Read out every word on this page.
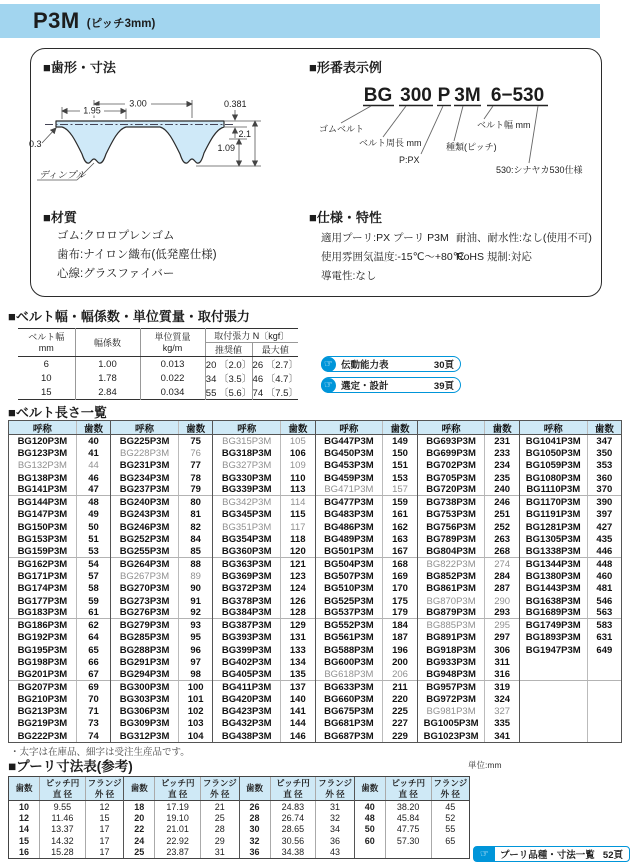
P3M (ピッチ3mm)
■歯形・寸法
3.00
1.95
0.381
2.1
1.09
0.3
ディンプル
■形番表示例
BG 300 P 3M 6−530
ゴムベルト
ベルト周長 mm
P:PX
種類(ピッチ)
ベルト幅 mm
530:シナヤカ530仕様
■材質
ゴム:クロロプレンゴム
歯布:ナイロン織布(低発塵仕様)
心線:グラスファイバー
■仕様・特性
適用プーリ:PX プーリ P3M
使用雰囲気温度:-15℃〜+80℃
導電性:なし
耐油、耐水性:なし(使用不可)
RoHS 規制:対応
■ベルト幅・幅係数・単位質量・取付張力
ベルト幅
mm	幅係数	単位質量
kg/m	取付張力 N〔kgf〕	
			推奨値	最大値
6	1.00	0.013	20 〔2.0〕	26 〔2.7〕
10	1.78	0.022	34 〔3.5〕	46 〔4.7〕
15	2.84	0.034	55 〔5.6〕	74 〔7.5〕
☞ 伝動能力表	30頁
☞ 選定・設計	39頁
■ベルト長さ一覧
呼称	歯数
BG120P3M	40
BG123P3M	41
BG132P3M	44
BG138P3M	46
BG141P3M	47
BG144P3M	48
BG147P3M	49
BG150P3M	50
BG153P3M	51
BG159P3M	53
BG162P3M	54
BG171P3M	57
BG174P3M	58
BG177P3M	59
BG183P3M	61
BG186P3M	62
BG192P3M	64
BG195P3M	65
BG198P3M	66
BG201P3M	67
BG207P3M	69
BG210P3M	70
BG213P3M	71
BG219P3M	73
BG222P3M	74
呼称	歯数
BG225P3M	75
BG228P3M	76
BG231P3M	77
BG234P3M	78
BG237P3M	79
BG240P3M	80
BG243P3M	81
BG246P3M	82
BG252P3M	84
BG255P3M	85
BG264P3M	88
BG267P3M	89
BG270P3M	90
BG273P3M	91
BG276P3M	92
BG279P3M	93
BG285P3M	95
BG288P3M	96
BG291P3M	97
BG294P3M	98
BG300P3M	100
BG303P3M	101
BG306P3M	102
BG309P3M	103
BG312P3M	104
呼称	歯数
BG315P3M	105
BG318P3M	106
BG327P3M	109
BG330P3M	110
BG339P3M	113
BG342P3M	114
BG345P3M	115
BG351P3M	117
BG354P3M	118
BG360P3M	120
BG363P3M	121
BG369P3M	123
BG372P3M	124
BG378P3M	126
BG384P3M	128
BG387P3M	129
BG393P3M	131
BG399P3M	133
BG402P3M	134
BG405P3M	135
BG411P3M	137
BG420P3M	140
BG423P3M	141
BG432P3M	144
BG438P3M	146
呼称	歯数
BG447P3M	149
BG450P3M	150
BG453P3M	151
BG459P3M	153
BG471P3M	157
BG477P3M	159
BG483P3M	161
BG486P3M	162
BG489P3M	163
BG501P3M	167
BG504P3M	168
BG507P3M	169
BG510P3M	170
BG525P3M	175
BG537P3M	179
BG552P3M	184
BG561P3M	187
BG588P3M	196
BG600P3M	200
BG618P3M	206
BG633P3M	211
BG660P3M	220
BG675P3M	225
BG681P3M	227
BG687P3M	229
呼称	歯数
BG693P3M	231
BG699P3M	233
BG702P3M	234
BG705P3M	235
BG720P3M	240
BG738P3M	246
BG753P3M	251
BG756P3M	252
BG789P3M	263
BG804P3M	268
BG822P3M	274
BG852P3M	284
BG861P3M	287
BG870P3M	290
BG879P3M	293
BG885P3M	295
BG891P3M	297
BG918P3M	306
BG933P3M	311
BG948P3M	316
BG957P3M	319
BG972P3M	324
BG981P3M	327
BG1005P3M	335
BG1023P3M	341
呼称	歯数
BG1041P3M	347
BG1050P3M	350
BG1059P3M	353
BG1080P3M	360
BG1110P3M	370
BG1170P3M	390
BG1191P3M	397
BG1281P3M	427
BG1305P3M	435
BG1338P3M	446
BG1344P3M	448
BG1380P3M	460
BG1443P3M	481
BG1638P3M	546
BG1689P3M	563
BG1749P3M	583
BG1893P3M	631
BG1947P3M	649
・太字は在庫品、細字は受注生産品です。
■プーリ寸法表(参考)	単位:mm
歯数
ピッチ円
直 径
フランジ
外 径
10	9.55	12
12	11.46	15
14	13.37	17
15	14.32	17
16	15.28	17
歯数
ピッチ円
直 径
フランジ
外 径
18	17.19	21
20	19.10	25
22	21.01	28
24	22.92	29
25	23.87	31
歯数
ピッチ円
直 径
フランジ
外 径
26	24.83	31
28	26.74	32
30	28.65	34
32	30.56	36
36	34.38	43
歯数
ピッチ円
直 径
フランジ
外 径
40	38.20	45
48	45.84	52
50	47.75	55
60	57.30	65
☞	プーリ品種・寸法一覧 52頁
